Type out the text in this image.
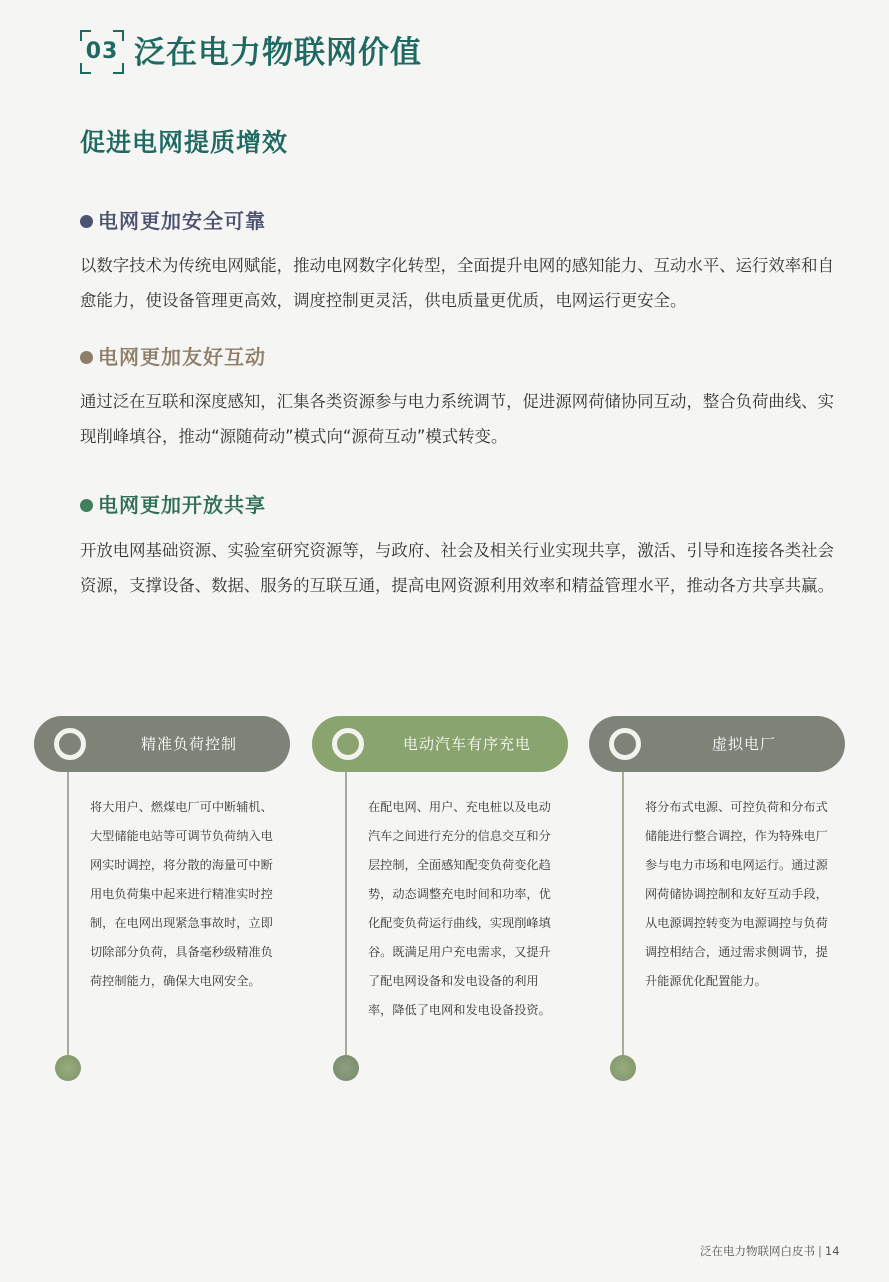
03 泛在电力物联网价值
促进电网提质增效
电网更加安全可靠
以数字技术为传统电网赋能，推动电网数字化转型，全面提升电网的感知能力、互动水平、运行效率和自愈能力，使设备管理更高效，调度控制更灵活，供电质量更优质，电网运行更安全。
电网更加友好互动
通过泛在互联和深度感知，汇集各类资源参与电力系统调节，促进源网荷储协同互动，整合负荷曲线、实现削峰填谷，推动“源随荷动”模式向“源荷互动”模式转变。
电网更加开放共享
开放电网基础资源、实验室研究资源等，与政府、社会及相关行业实现共享，激活、引导和连接各类社会资源，支撑设备、数据、服务的互联互通，提高电网资源利用效率和精益管理水平，推动各方共享共赢。
精准负荷控制
将大用户、燃煤电厂可中断辅机、大型储能电站等可调节负荷纳入电网实时调控，将分散的海量可中断用电负荷集中起来进行精准实时控制，在电网出现紧急事故时，立即切除部分负荷，具备毫秒级精准负荷控制能力，确保大电网安全。
电动汽车有序充电
在配电网、用户、充电桩以及电动汽车之间进行充分的信息交互和分层控制，全面感知配变负荷变化趋势，动态调整充电时间和功率，优化配变负荷运行曲线，实现削峰填谷。既满足用户充电需求，又提升了配电网设备和发电设备的利用率，降低了电网和发电设备投资。
虚拟电厂
将分布式电源、可控负荷和分布式储能进行整合调控，作为特殊电厂参与电力市场和电网运行。通过源网荷储协调控制和友好互动手段，从电源调控转变为电源调控与负荷调控相结合，通过需求侧调节，提升能源优化配置能力。
泛在电力物联网白皮书 | 14
